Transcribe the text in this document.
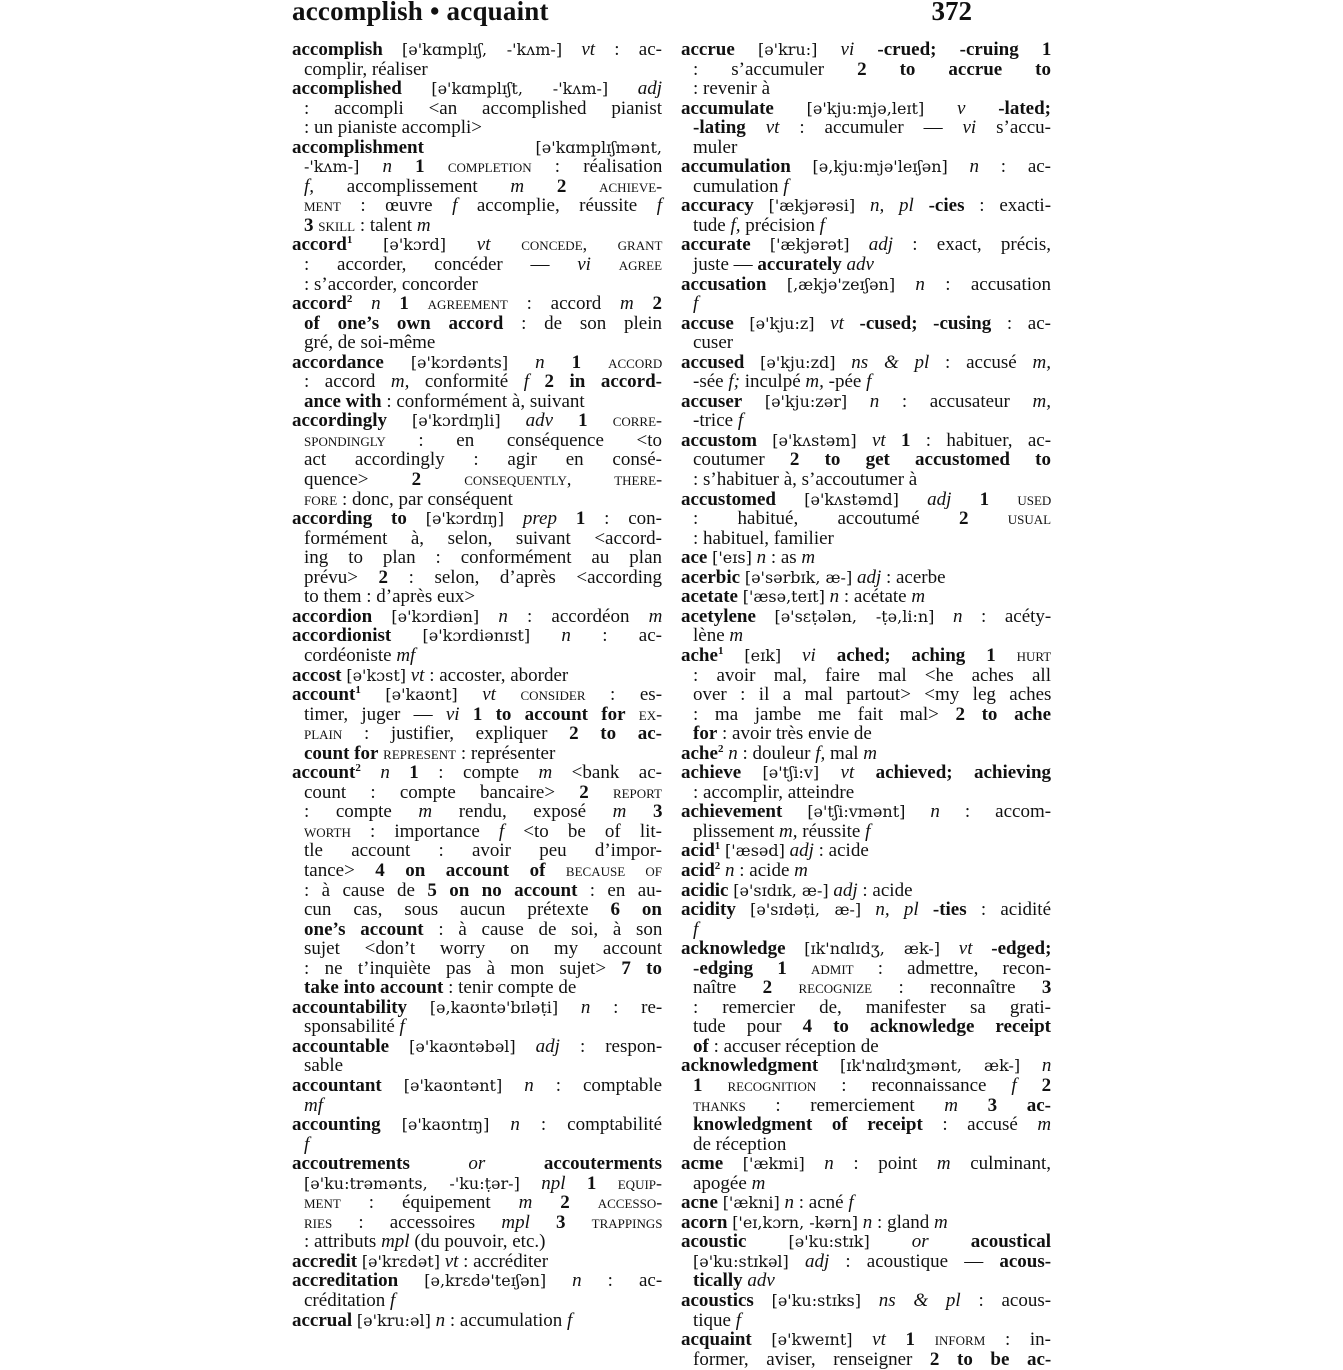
accomplish • acquaint	372
accomplish [ə'kɑmplɪʃ, -'kʌm-] vt : ac-
complir, réaliser
accomplished [ə'kɑmplɪʃt, -'kʌm-] adj
: accompli <an accomplished pianist
: un pianiste accompli>
accomplishment	[ə'kɑmplɪʃmənt,
-'kʌm-] n 1 completion : réalisation
f, accomplissement m 2 achieve-
ment : œuvre f accomplie, réussite f
3 skill : talent m
accord$^1$ [ə'kɔrd] vt concede, grant
: accorder, concéder — vi agree
: s’accorder, concorder
accord$^2$ n 1 agreement : accord m 2
of one’s own accord : de son plein
gré, de soi-même
accordance [ə'kɔrdənts] n 1 accord
: accord m, conformité f 2 in accord-
ance with : conformément à, suivant
accordingly [ə'kɔrdɪŋli] adv 1 corre-
spondingly : en conséquence <to
act accordingly : agir en consé-
quence> 2 consequently, there-
fore : donc, par conséquent
according to [ə'kɔrdɪŋ] prep 1 : con-
formément à, selon, suivant <accord-
ing to plan : conformément au plan
prévu> 2 : selon, d’après <according
to them : d’après eux>
accordion [ə'kɔrdiən] n : accordéon m
accordionist [ə'kɔrdiənɪst] n   :   ac-
cordéoniste mf
accost [ə'kɔst] vt : accoster, aborder
account$^1$ [ə'kaʊnt] vt consider : es-
timer, juger — vi 1 to account for ex-
plain : justifier, expliquer 2 to ac-
count for represent : représenter
account$^2$ n 1 : compte m <bank ac-
count : compte bancaire> 2 report
: compte m rendu, exposé m 3
worth : importance f <to be of lit-
tle account : avoir peu d’impor-
tance> 4 on account of because of
: à cause de 5 on no account : en au-
cun cas, sous aucun prétexte 6 on
one’s account : à cause de soi, à son
sujet <don’t worry on my account
: ne t’inquiète pas à mon sujet> 7 to
take into account : tenir compte de
accountability [ə,kaʊntə'bɪləṭi] n : re-
sponsabilité f
accountable [ə'kaʊntəbəl] adj : respon-
sable
accountant [ə'kaʊntənt] n : comptable
mf
accounting [ə'kaʊntɪŋ] n : comptabilité
f
accoutrements	or	accouterments
[ə'ku:trəmənts, -'ku:ṭər-] npl 1 equip-
ment : équipement m 2 accesso-
ries : accessoires mpl 3 trappings
: attributs mpl (du pouvoir, etc.)
accredit [ə'krɛdət] vt : accréditer
accreditation [ə,krɛdə'teɪʃən] n : ac-
créditation f
accrual [ə'kru:əl] n : accumulation f
accrue [ə'kru:] vi -crued; -cruing 1
:  s’accumuler  2  to  accrue  to
: revenir à
accumulate [ə'kju:mjə,leɪt] v -lated;
-lating vt : accumuler — vi s’accu-
muler
accumulation [ə,kju:mjə'leɪʃən] n : ac-
cumulation f
accuracy ['ækjərəsi] n, pl -cies : exacti-
tude f, précision f
accurate ['ækjərət] adj : exact, précis,
juste — accurately adv
accusation [,ækjə'zeɪʃən] n : accusation
f
accuse [ə'kju:z] vt -cused; -cusing : ac-
cuser
accused [ə'kju:zd] ns & pl : accusé m,
-sée f; inculpé m, -pée f
accuser [ə'kju:zər] n : accusateur m,
-trice f
accustom [ə'kʌstəm] vt 1 : habituer, ac-
coutumer 2 to get accustomed to
: s’habituer à, s’accoutumer à
accustomed [ə'kʌstəmd] adj 1 used
:  habitué,  accoutumé  2 usual
: habituel, familier
ace ['eɪs] n : as m
acerbic [ə'sərbɪk, æ-] adj : acerbe
acetate ['æsə,teɪt] n : acétate m
acetylene [ə'sɛṭələn, -ṭə,li:n] n : acéty-
lène m
ache$^1$ [eɪk] vi ached; aching 1 hurt
: avoir mal, faire mal <he aches all
over : il a mal partout> <my leg aches
: ma jambe me fait mal> 2 to ache
for : avoir très envie de
ache$^2$ n : douleur f, mal m
achieve [ə'tʃi:v] vt achieved; achieving
: accomplir, atteindre
achievement [ə'tʃi:vmənt] n : accom-
plissement m, réussite f
acid$^1$ ['æsəd] adj : acide
acid$^2$ n : acide m
acidic [ə'sɪdɪk, æ-] adj : acide
acidity [ə'sɪdəṭi, æ-] n, pl -ties : acidité
f
acknowledge [ɪk'nɑlɪdʒ, æk-] vt -edged;
-edging 1 admit : admettre, recon-
naître 2 recognize : reconnaître 3
: remercier de, manifester sa grati-
tude pour 4 to acknowledge receipt
of : accuser réception de
acknowledgment [ɪk'nɑlɪdʒmənt, æk-] n
1 recognition : reconnaissance f 2
thanks : remerciement m 3 ac-
knowledgment of receipt : accusé m
de réception
acme ['ækmi] n : point m culminant,
apogée m
acne ['ækni] n : acné f
acorn ['eɪ,kɔrn, -kərn] n : gland m
acoustic	[ə'ku:stɪk] or acoustical
[ə'ku:stɪkəl] adj : acoustique — acous-
tically adv
acoustics [ə'ku:stɪks] ns & pl : acous-
tique f
acquaint [ə'kweɪnt] vt 1 inform : in-
former, aviser, renseigner 2 to be ac-
